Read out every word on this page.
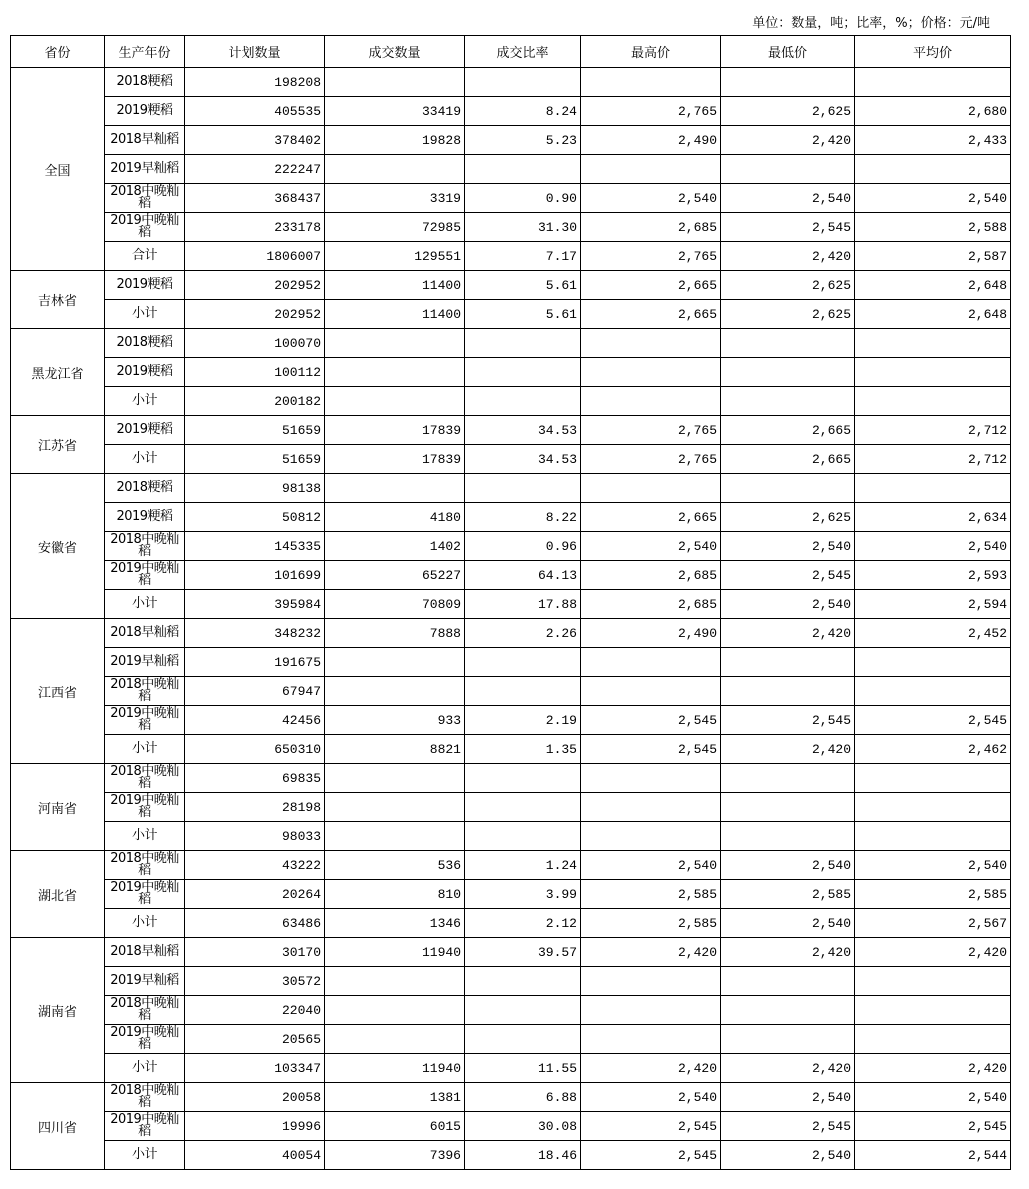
单位：数量，吨；比率，%；价格：元/吨
省份	生产年份	计划数量	成交数量	成交比率	最高价	最低价	平均价
全国	2018粳稻	198208					
	2019粳稻	405535	33419	8.24	2,765	2,625	2,680
	2018早籼稻	378402	19828	5.23	2,490	2,420	2,433
	2019早籼稻	222247					
	2018中晚籼稻	368437	3319	0.90	2,540	2,540	2,540
	2019中晚籼稻	233178	72985	31.30	2,685	2,545	2,588
	合计	1806007	129551	7.17	2,765	2,420	2,587
吉林省	2019粳稻	202952	11400	5.61	2,665	2,625	2,648
	小计	202952	11400	5.61	2,665	2,625	2,648
黑龙江省	2018粳稻	100070					
	2019粳稻	100112					
	小计	200182					
江苏省	2019粳稻	51659	17839	34.53	2,765	2,665	2,712
	小计	51659	17839	34.53	2,765	2,665	2,712
安徽省	2018粳稻	98138					
	2019粳稻	50812	4180	8.22	2,665	2,625	2,634
	2018中晚籼稻	145335	1402	0.96	2,540	2,540	2,540
	2019中晚籼稻	101699	65227	64.13	2,685	2,545	2,593
	小计	395984	70809	17.88	2,685	2,540	2,594
江西省	2018早籼稻	348232	7888	2.26	2,490	2,420	2,452
	2019早籼稻	191675					
	2018中晚籼稻	67947					
	2019中晚籼稻	42456	933	2.19	2,545	2,545	2,545
	小计	650310	8821	1.35	2,545	2,420	2,462
河南省	2018中晚籼稻	69835					
	2019中晚籼稻	28198					
	小计	98033					
湖北省	2018中晚籼稻	43222	536	1.24	2,540	2,540	2,540
	2019中晚籼稻	20264	810	3.99	2,585	2,585	2,585
	小计	63486	1346	2.12	2,585	2,540	2,567
湖南省	2018早籼稻	30170	11940	39.57	2,420	2,420	2,420
	2019早籼稻	30572					
	2018中晚籼稻	22040					
	2019中晚籼稻	20565					
	小计	103347	11940	11.55	2,420	2,420	2,420
四川省	2018中晚籼稻	20058	1381	6.88	2,540	2,540	2,540
	2019中晚籼稻	19996	6015	30.08	2,545	2,545	2,545
	小计	40054	7396	18.46	2,545	2,540	2,544
